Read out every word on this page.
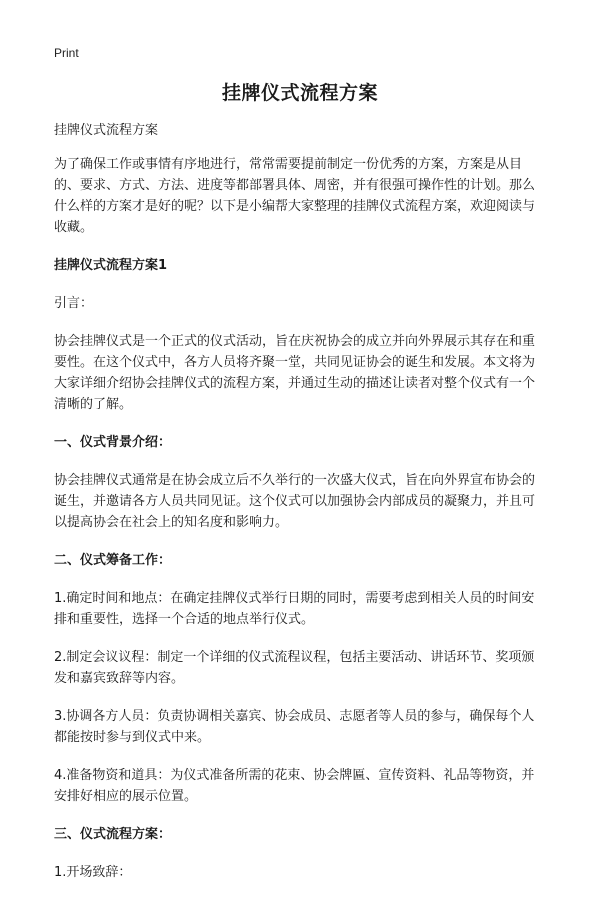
Print

挂牌仪式流程方案

挂牌仪式流程方案

为了确保工作或事情有序地进行，常常需要提前制定一份优秀的方案，方案是从目的、要求、方式、方法、进度等都部署具体、周密，并有很强可操作性的计划。那么什么样的方案才是好的呢？以下是小编帮大家整理的挂牌仪式流程方案，欢迎阅读与收藏。

挂牌仪式流程方案1

引言：

协会挂牌仪式是一个正式的仪式活动，旨在庆祝协会的成立并向外界展示其存在和重要性。在这个仪式中，各方人员将齐聚一堂，共同见证协会的诞生和发展。本文将为大家详细介绍协会挂牌仪式的流程方案，并通过生动的描述让读者对整个仪式有一个清晰的了解。

一、仪式背景介绍：

协会挂牌仪式通常是在协会成立后不久举行的一次盛大仪式，旨在向外界宣布协会的诞生，并邀请各方人员共同见证。这个仪式可以加强协会内部成员的凝聚力，并且可以提高协会在社会上的知名度和影响力。

二、仪式筹备工作：

1.确定时间和地点：在确定挂牌仪式举行日期的同时，需要考虑到相关人员的时间安排和重要性，选择一个合适的地点举行仪式。

2.制定会议议程：制定一个详细的仪式流程议程，包括主要活动、讲话环节、奖项颁发和嘉宾致辞等内容。

3.协调各方人员：负责协调相关嘉宾、协会成员、志愿者等人员的参与，确保每个人都能按时参与到仪式中来。

4.准备物资和道具：为仪式准备所需的花束、协会牌匾、宣传资料、礼品等物资，并安排好相应的展示位置。

三、仪式流程方案：

1.开场致辞：
